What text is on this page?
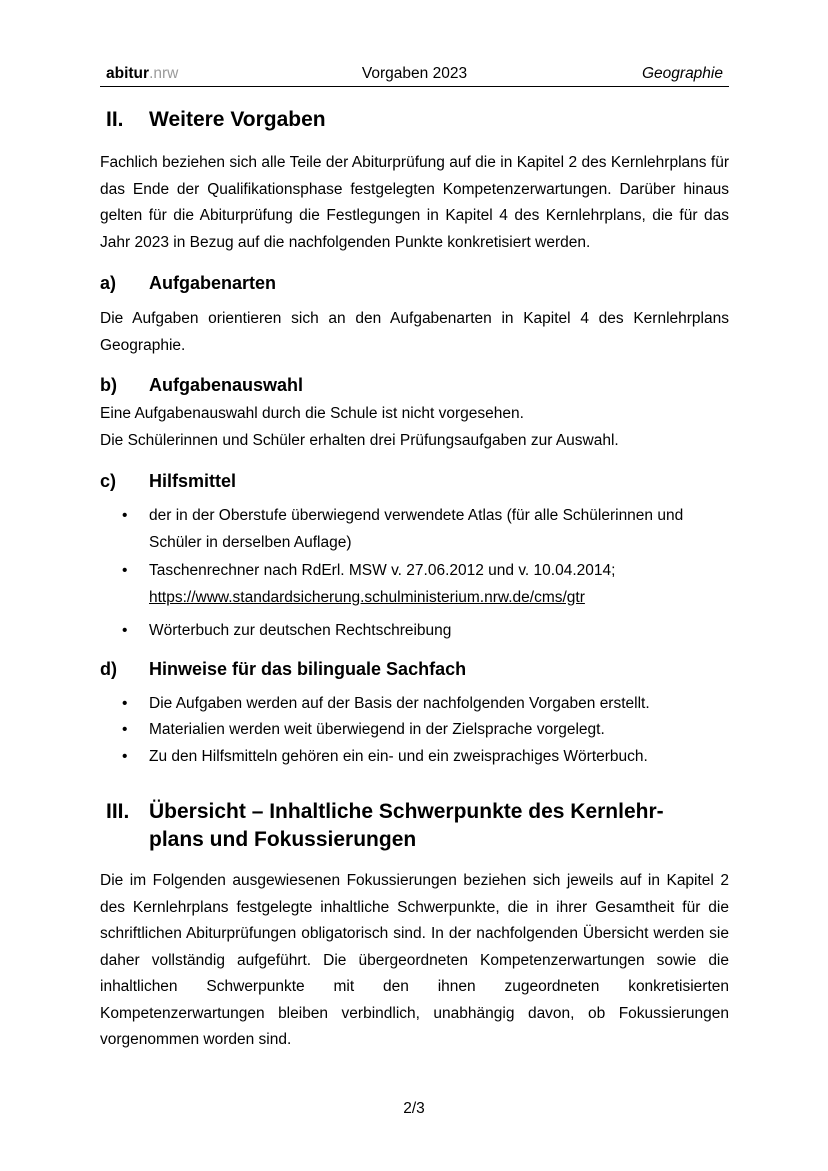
abitur.nrw	Vorgaben 2023	Geographie
II.	Weitere Vorgaben

Fachlich beziehen sich alle Teile der Abiturprüfung auf die in Kapitel 2 des Kernlehrplans für das Ende der Qualifikationsphase festgelegten Kompetenzerwartungen. Darüber hinaus gelten für die Abiturprüfung die Festlegungen in Kapitel 4 des Kernlehrplans, die für das Jahr 2023 in Bezug auf die nachfolgenden Punkte konkretisiert werden.

a)	Aufgabenarten

Die Aufgaben orientieren sich an den Aufgabenarten in Kapitel 4 des Kernlehrplans Geographie.

b)	Aufgabenauswahl

Eine Aufgabenauswahl durch die Schule ist nicht vorgesehen.

Die Schülerinnen und Schüler erhalten drei Prüfungsaufgaben zur Auswahl.

c)	Hilfsmittel
• der in der Oberstufe überwiegend verwendete Atlas (für alle Schülerinnen und Schüler in derselben Auflage)
• Taschenrechner nach RdErl. MSW v. 27.06.2012 und v. 10.04.2014;
https://www.standardsicherung.schulministerium.nrw.de/cms/gtr
• Wörterbuch zur deutschen Rechtschreibung
d)	Hinweise für das bilinguale Sachfach
• Die Aufgaben werden auf der Basis der nachfolgenden Vorgaben erstellt.
• Materialien werden weit überwiegend in der Zielsprache vorgelegt.
• Zu den Hilfsmitteln gehören ein ein- und ein zweisprachiges Wörterbuch.
III. Übersicht – Inhaltliche Schwerpunkte des Kernlehr-
plans und Fokussierungen

Die im Folgenden ausgewiesenen Fokussierungen beziehen sich jeweils auf in Kapitel 2 des Kernlehrplans festgelegte inhaltliche Schwerpunkte, die in ihrer Gesamtheit für die schriftlichen Abiturprüfungen obligatorisch sind. In der nachfolgenden Übersicht werden sie daher vollständig aufgeführt. Die übergeordneten Kompetenzerwartungen sowie die inhaltlichen Schwerpunkte mit den ihnen zugeordneten konkretisierten Kompetenzerwartungen bleiben verbindlich, unabhängig davon, ob Fokussierungen vorgenommen worden sind.

2/3
